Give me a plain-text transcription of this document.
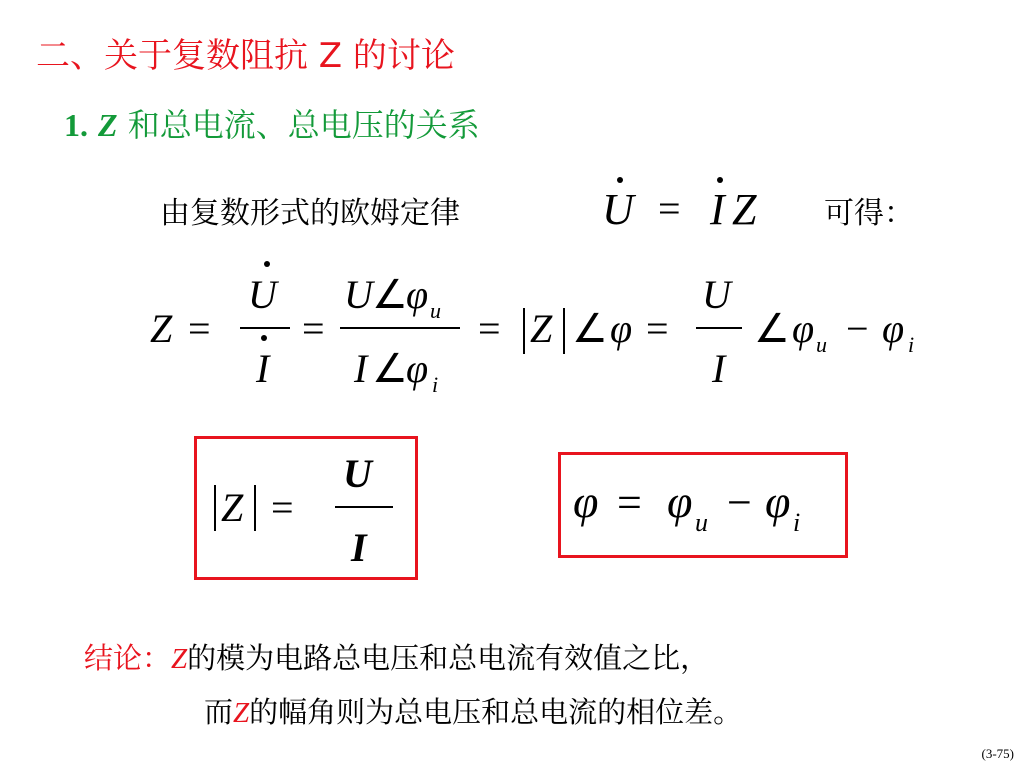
二、关于复数阻抗 Z 的讨论
1. Z 和总电流、总电压的关系
由复数形式的欧姆定律	U = I Z 可得：
Z =
U
I
=
U ∠
φ u
I ∠
φ i
= Z ∠ φ =
U
I
∠ φ u − φ i
Z =
U
I
φ = φ u − φ i
结论：Z的模为电路总电压和总电流有效值之比，
而Z的幅角则为总电压和总电流的相位差。
(3-75)
